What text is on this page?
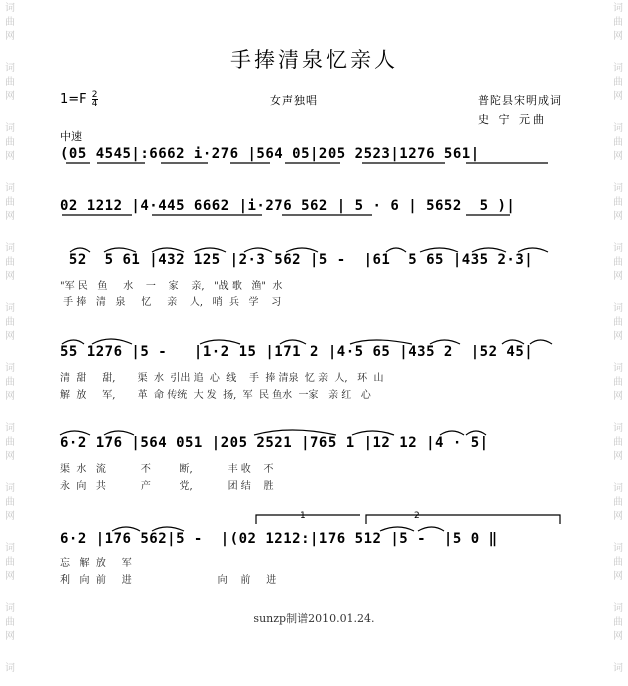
词
曲
网
词
曲
网
词
曲
网
词
曲
网
词
曲
网
词
曲
网
词
曲
网
词
曲
网
词
曲
网
词
曲
网
词
曲
网
词
词
曲
网
词
曲
网
词
曲
网
词
曲
网
词
曲
网
词
曲
网
词
曲
网
词
曲
网
词
曲
网
词
曲
网
词
曲
网
词
手捧清泉忆亲人
$1=F \frac{2}{4}$	女声独唱	普陀县宋明成词
史 宁 元曲
中速
(05 4545|:6662 i·276 |564 05|205 2523|1276 561|
02 1212 |4·445 6662 |i·276 562 | 5 · 6 | 5652  5 )|
52  5 61 |432 125 |2·3 562 |5 -  |61  5 65 |435 2·3|
"军 民   鱼     水    一    家    亲,   "战 歌   渔"  水
手 捧   清   泉     忆     亲    人,   哨  兵   学    习
55 1276 |5 -   |1·2 15 |171 2 |4·5 65 |435 2  |52 45|
清  甜     甜,       渠  水  引出 追  心  线    手  捧 清泉  忆 亲  人,   环  山
解  放     军,       革  命 传统  大 发  扬,  军  民 鱼水  一家   亲 红   心
6·2 176 |564 051 |205 2521 |765 1 |12 12 |4 · 5|
渠  水   流           不         断,           丰 收    不
永  向   共           产         党,           团 结    胜
6·2 |176 562|5 -  |(02 1212:|176 512 |5 -  |5 0 ‖
忘   解  放     军
利   向  前     进                           向    前     进
1	2
sunzp制谱2010.01.24.
